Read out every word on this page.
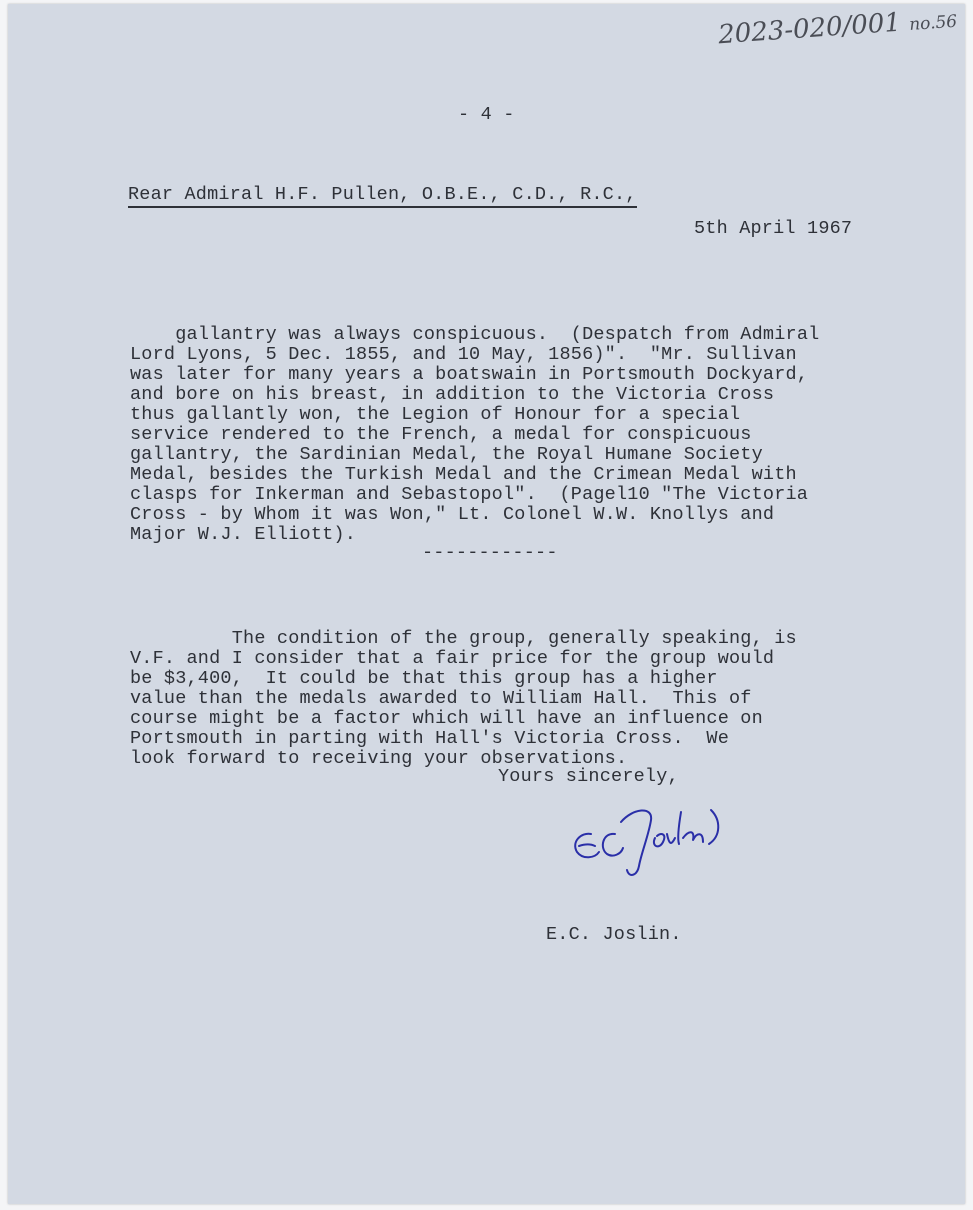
2023-020/001 no.56
- 4 -
Rear Admiral H.F. Pullen, O.B.E., C.D., R.C.,
5th April 1967

gallantry was always conspicuous.  (Despatch from Admiral
Lord Lyons, 5 Dec. 1855, and 10 May, 1856)".  "Mr. Sullivan
was later for many years a boatswain in Portsmouth Dockyard,
and bore on his breast, in addition to the Victoria Cross
thus gallantly won, the Legion of Honour for a special
service rendered to the French, a medal for conspicuous
gallantry, the Sardinian Medal, the Royal Humane Society
Medal, besides the Turkish Medal and the Crimean Medal with
clasps for Inkerman and Sebastopol".  (Pagel10 "The Victoria
Cross - by Whom it was Won," Lt. Colonel W.W. Knollys and
Major W.J. Elliott).

------------

The condition of the group, generally speaking, is
V.F. and I consider that a fair price for the group would
be $3,400,  It could be that this group has a higher
value than the medals awarded to William Hall.  This of
course might be a factor which will have an influence on
Portsmouth in parting with Hall's Victoria Cross.  We
look forward to receiving your observations.

Yours sincerely,
E.C. Joslin.
